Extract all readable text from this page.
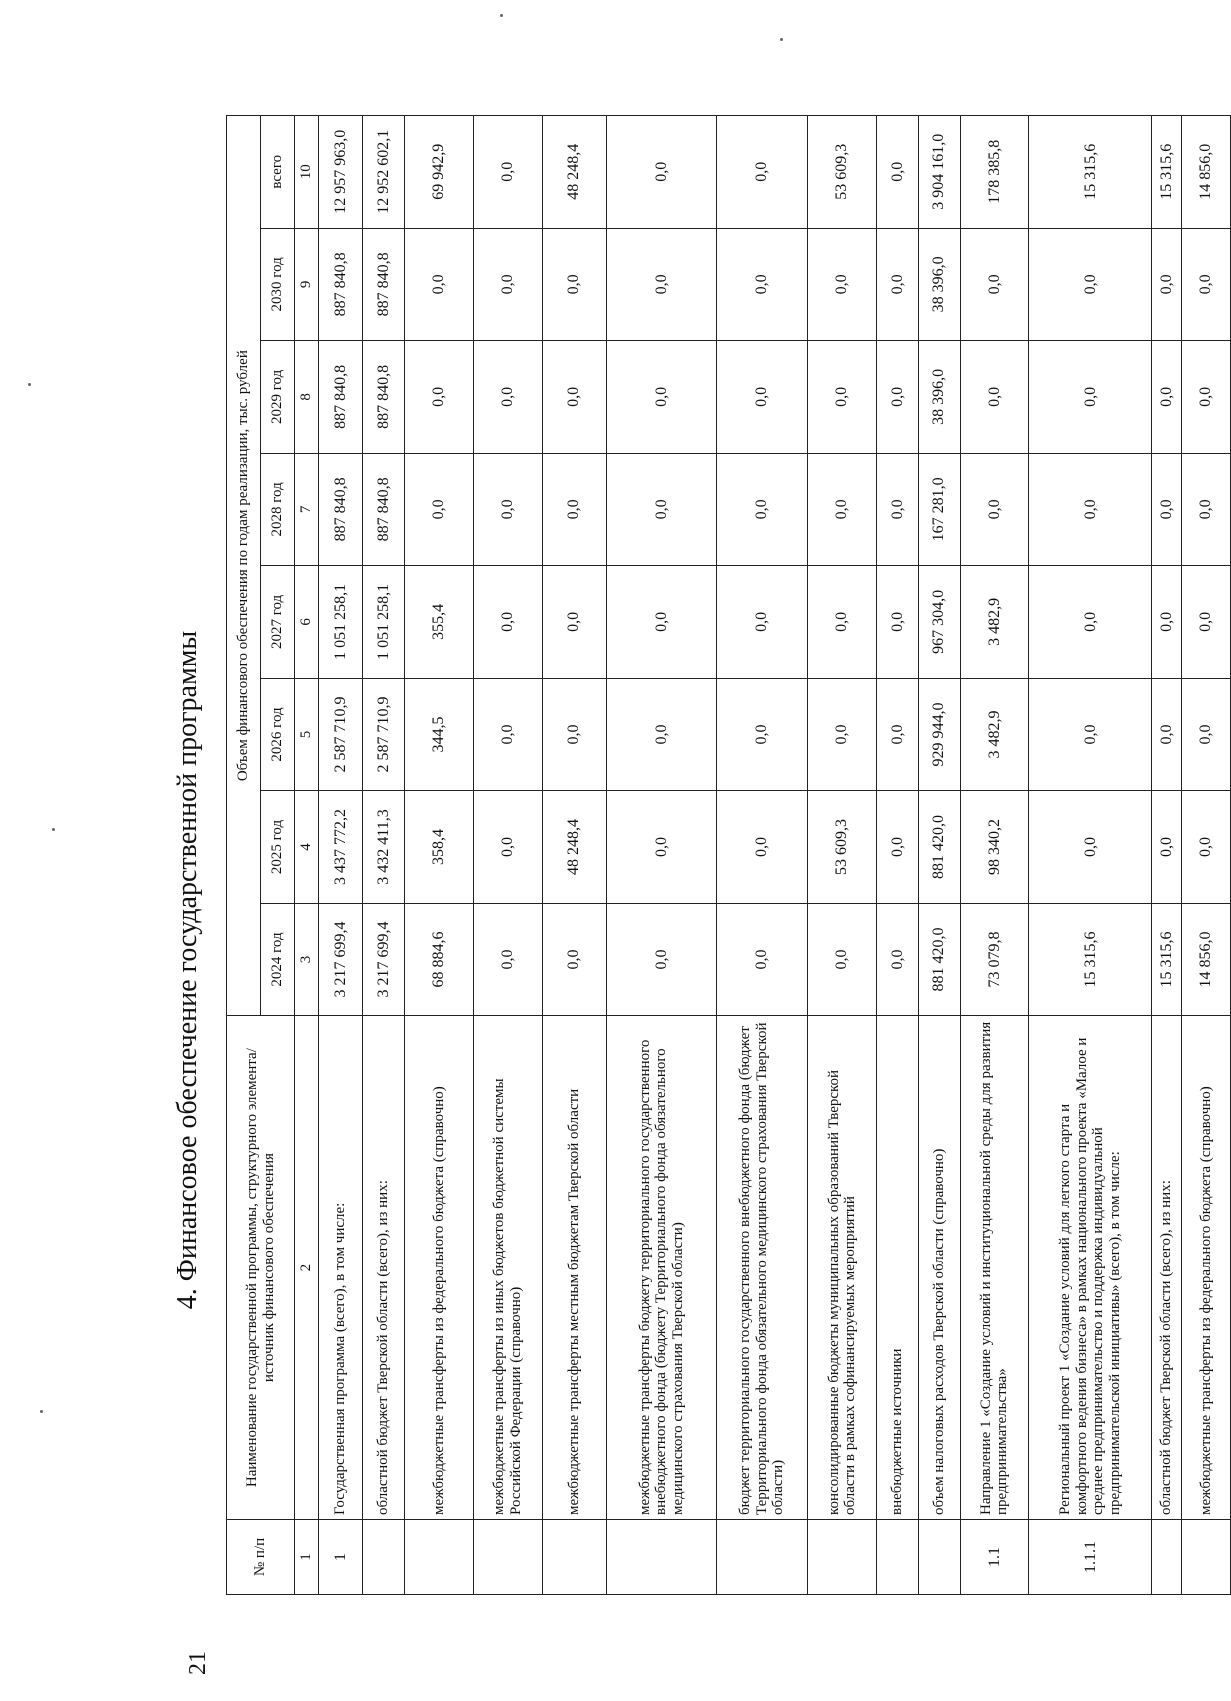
21
4. Финансовое обеспечение государственной программы
№ п/п	Наименование государственной программы, структурного элемента/источник финансового обеспечения	Объем финансового обеспечения по годам реализации, тыс. рублей							
		2024 год	2025 год	2026 год	2027 год	2028 год	2029 год	2030 год	всего
1	2	3	4	5	6	7	8	9	10
1	Государственная программа (всего), в том числе:	3 217 699,4	3 437 772,2	2 587 710,9	1 051 258,1	887 840,8	887 840,8	887 840,8	12 957 963,0
	областной бюджет Тверской области (всего), из них:	3 217 699,4	3 432 411,3	2 587 710,9	1 051 258,1	887 840,8	887 840,8	887 840,8	12 952 602,1
	межбюджетные трансферты из федерального бюджета (справочно)	68 884,6	358,4	344,5	355,4	0,0	0,0	0,0	69 942,9
	межбюджетные трансферты из иных бюджетов бюджетной системы Российской Федерации (справочно)	0,0	0,0	0,0	0,0	0,0	0,0	0,0	0,0
	межбюджетные трансферты местным бюджетам Тверской области	0,0	48 248,4	0,0	0,0	0,0	0,0	0,0	48 248,4
	межбюджетные трансферты бюджету территориального государственного внебюджетного фонда (бюджету Территориального фонда обязательного медицинского страхования Тверской области)	0,0	0,0	0,0	0,0	0,0	0,0	0,0	0,0
	бюджет территориального государственного внебюджетного фонда (бюджет Территориального фонда обязательного медицинского страхования Тверской области)	0,0	0,0	0,0	0,0	0,0	0,0	0,0	0,0
	консолидированные бюджеты муниципальных образований Тверской области в рамках софинансируемых мероприятий	0,0	53 609,3	0,0	0,0	0,0	0,0	0,0	53 609,3
	внебюджетные источники	0,0	0,0	0,0	0,0	0,0	0,0	0,0	0,0
	объем налоговых расходов Тверской области (справочно)	881 420,0	881 420,0	929 944,0	967 304,0	167 281,0	38 396,0	38 396,0	3 904 161,0
1.1	Направление 1 «Создание условий и институциональной среды для развития предпринимательства»	73 079,8	98 340,2	3 482,9	3 482,9	0,0	0,0	0,0	178 385,8
1.1.1	Региональный проект 1 «Создание условий для легкого старта и комфортного ведения бизнеса» в рамках национального проекта «Малое и среднее предпринимательство и поддержка индивидуальной предпринимательской инициативы» (всего), в том числе:	15 315,6	0,0	0,0	0,0	0,0	0,0	0,0	15 315,6
	областной бюджет Тверской области (всего), из них:	15 315,6	0,0	0,0	0,0	0,0	0,0	0,0	15 315,6
	межбюджетные трансферты из федерального бюджета (справочно)	14 856,0	0,0	0,0	0,0	0,0	0,0	0,0	14 856,0
